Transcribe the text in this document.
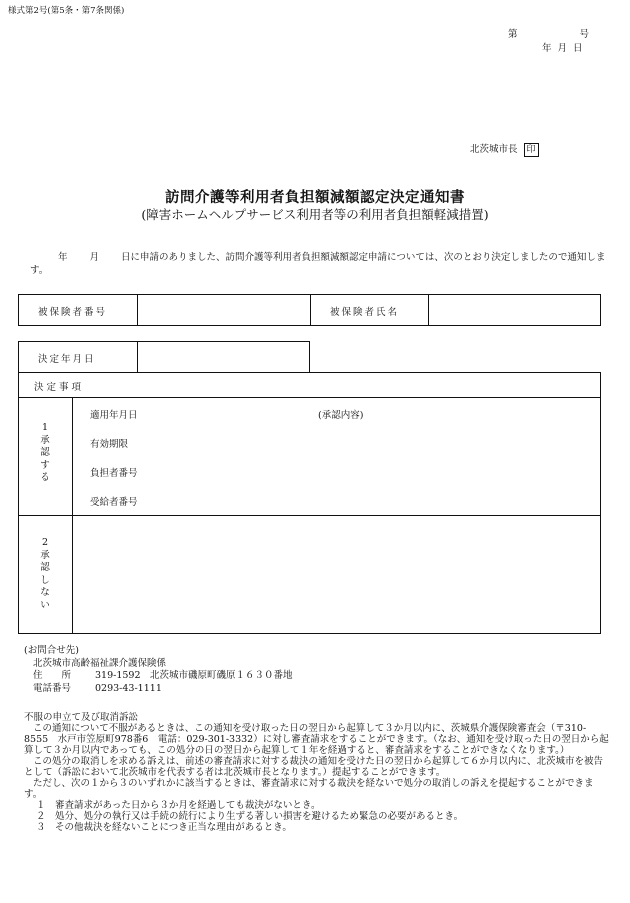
様式第2号(第5条・第7条関係)
第	号
年 月 日
北茨城市長 印
訪問介護等利用者負担額減額認定決定通知書
(障害ホームヘルプサービス利用者等の利用者負担額軽減措置)
年 月 日に申請のありました、訪問介護等利用者負担額減額認定申請については、次のとおり決定しましたので通知します。
被保険者番号	被保険者氏名
決定年月日
決 定 事 項
1 承認する
適用年月日
有効期限
負担者番号
受給者番号
(承認内容)
2 承認しない
(お問合せ先)
北茨城市高齢福祉課介護保険係
住　　所	319-1592　北茨城市磯原町磯原１６３０番地
電話番号	0293-43-1111

不服の申立て及び取消訴訟

この通知について不服があるときは、この通知を受け取った日の翌日から起算して３か月以内に、茨城県介護保険審査会（〒310-8555　水戸市笠原町978番6　電話：029-301-3332）に対し審査請求をすることができます。（なお、通知を受け取った日の翌日から起算して３か月以内であっても、この処分の日の翌日から起算して１年を経過すると、審査請求をすることができなくなります。）

この処分の取消しを求める訴えは、前述の審査請求に対する裁決の通知を受けた日の翌日から起算して６か月以内に、北茨城市を被告として（訴訟において北茨城市を代表する者は北茨城市長となります。）提起することができます。

ただし、次の１から３のいずれかに該当するときは、審査請求に対する裁決を経ないで処分の取消しの訴えを提起することができます。

１　審査請求があった日から３か月を経過しても裁決がないとき。

２　処分、処分の執行又は手続の続行により生ずる著しい損害を避けるため緊急の必要があるとき。

３　その他裁決を経ないことにつき正当な理由があるとき。
